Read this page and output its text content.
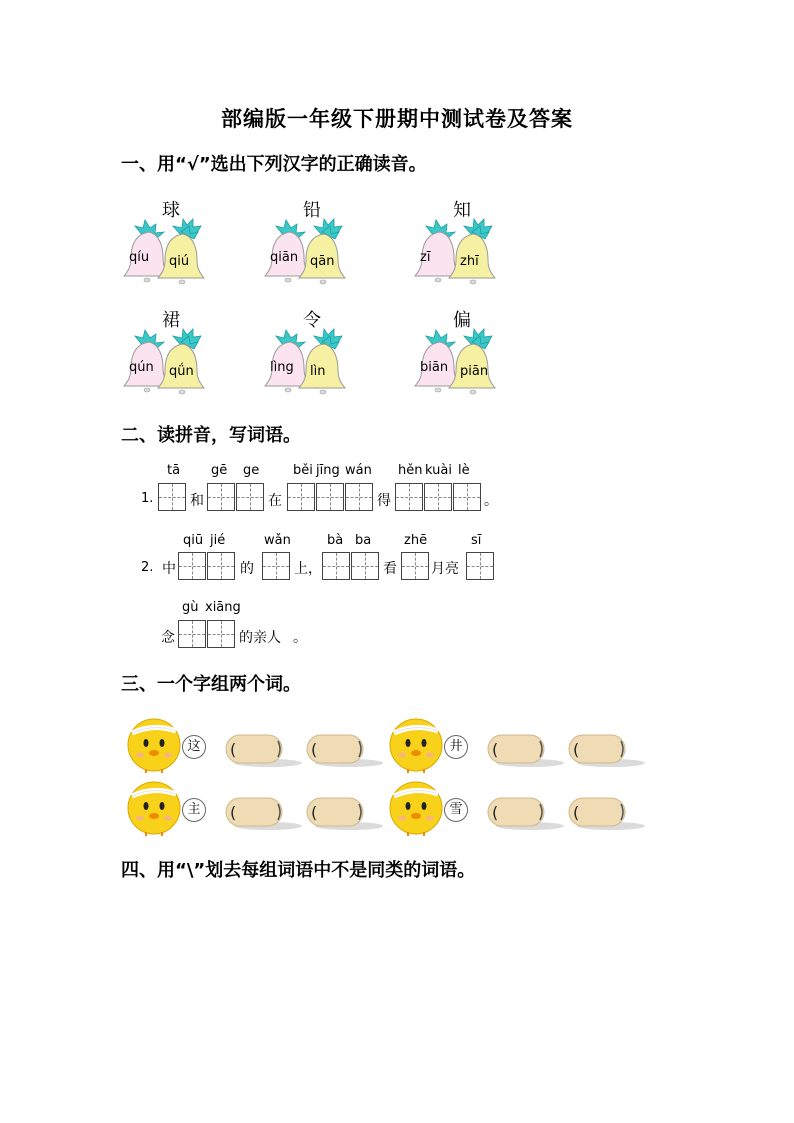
部编版一年级下册期中测试卷及答案
一、用“√”选出下列汉字的正确读音。
球
qíu qiú
铅
qiān qān
知
zī zhī
裙
qún qǘn
令
lìng lìn
偏
biān piān
二、读拼音，写词语。
1.
tā
和
gē ge
在
běi jīng wán
得
hěn kuài lè
。
2. 中
qiū jié
的
wǎn
上，
bà ba
看
zhē
月亮
sī
念
gù xiāng
的亲人 。
三、一个字组两个词。
这	(	(	井	(	(
主	(	(	雪	(	(
四、用“\”划去每组词语中不是同类的词语。
